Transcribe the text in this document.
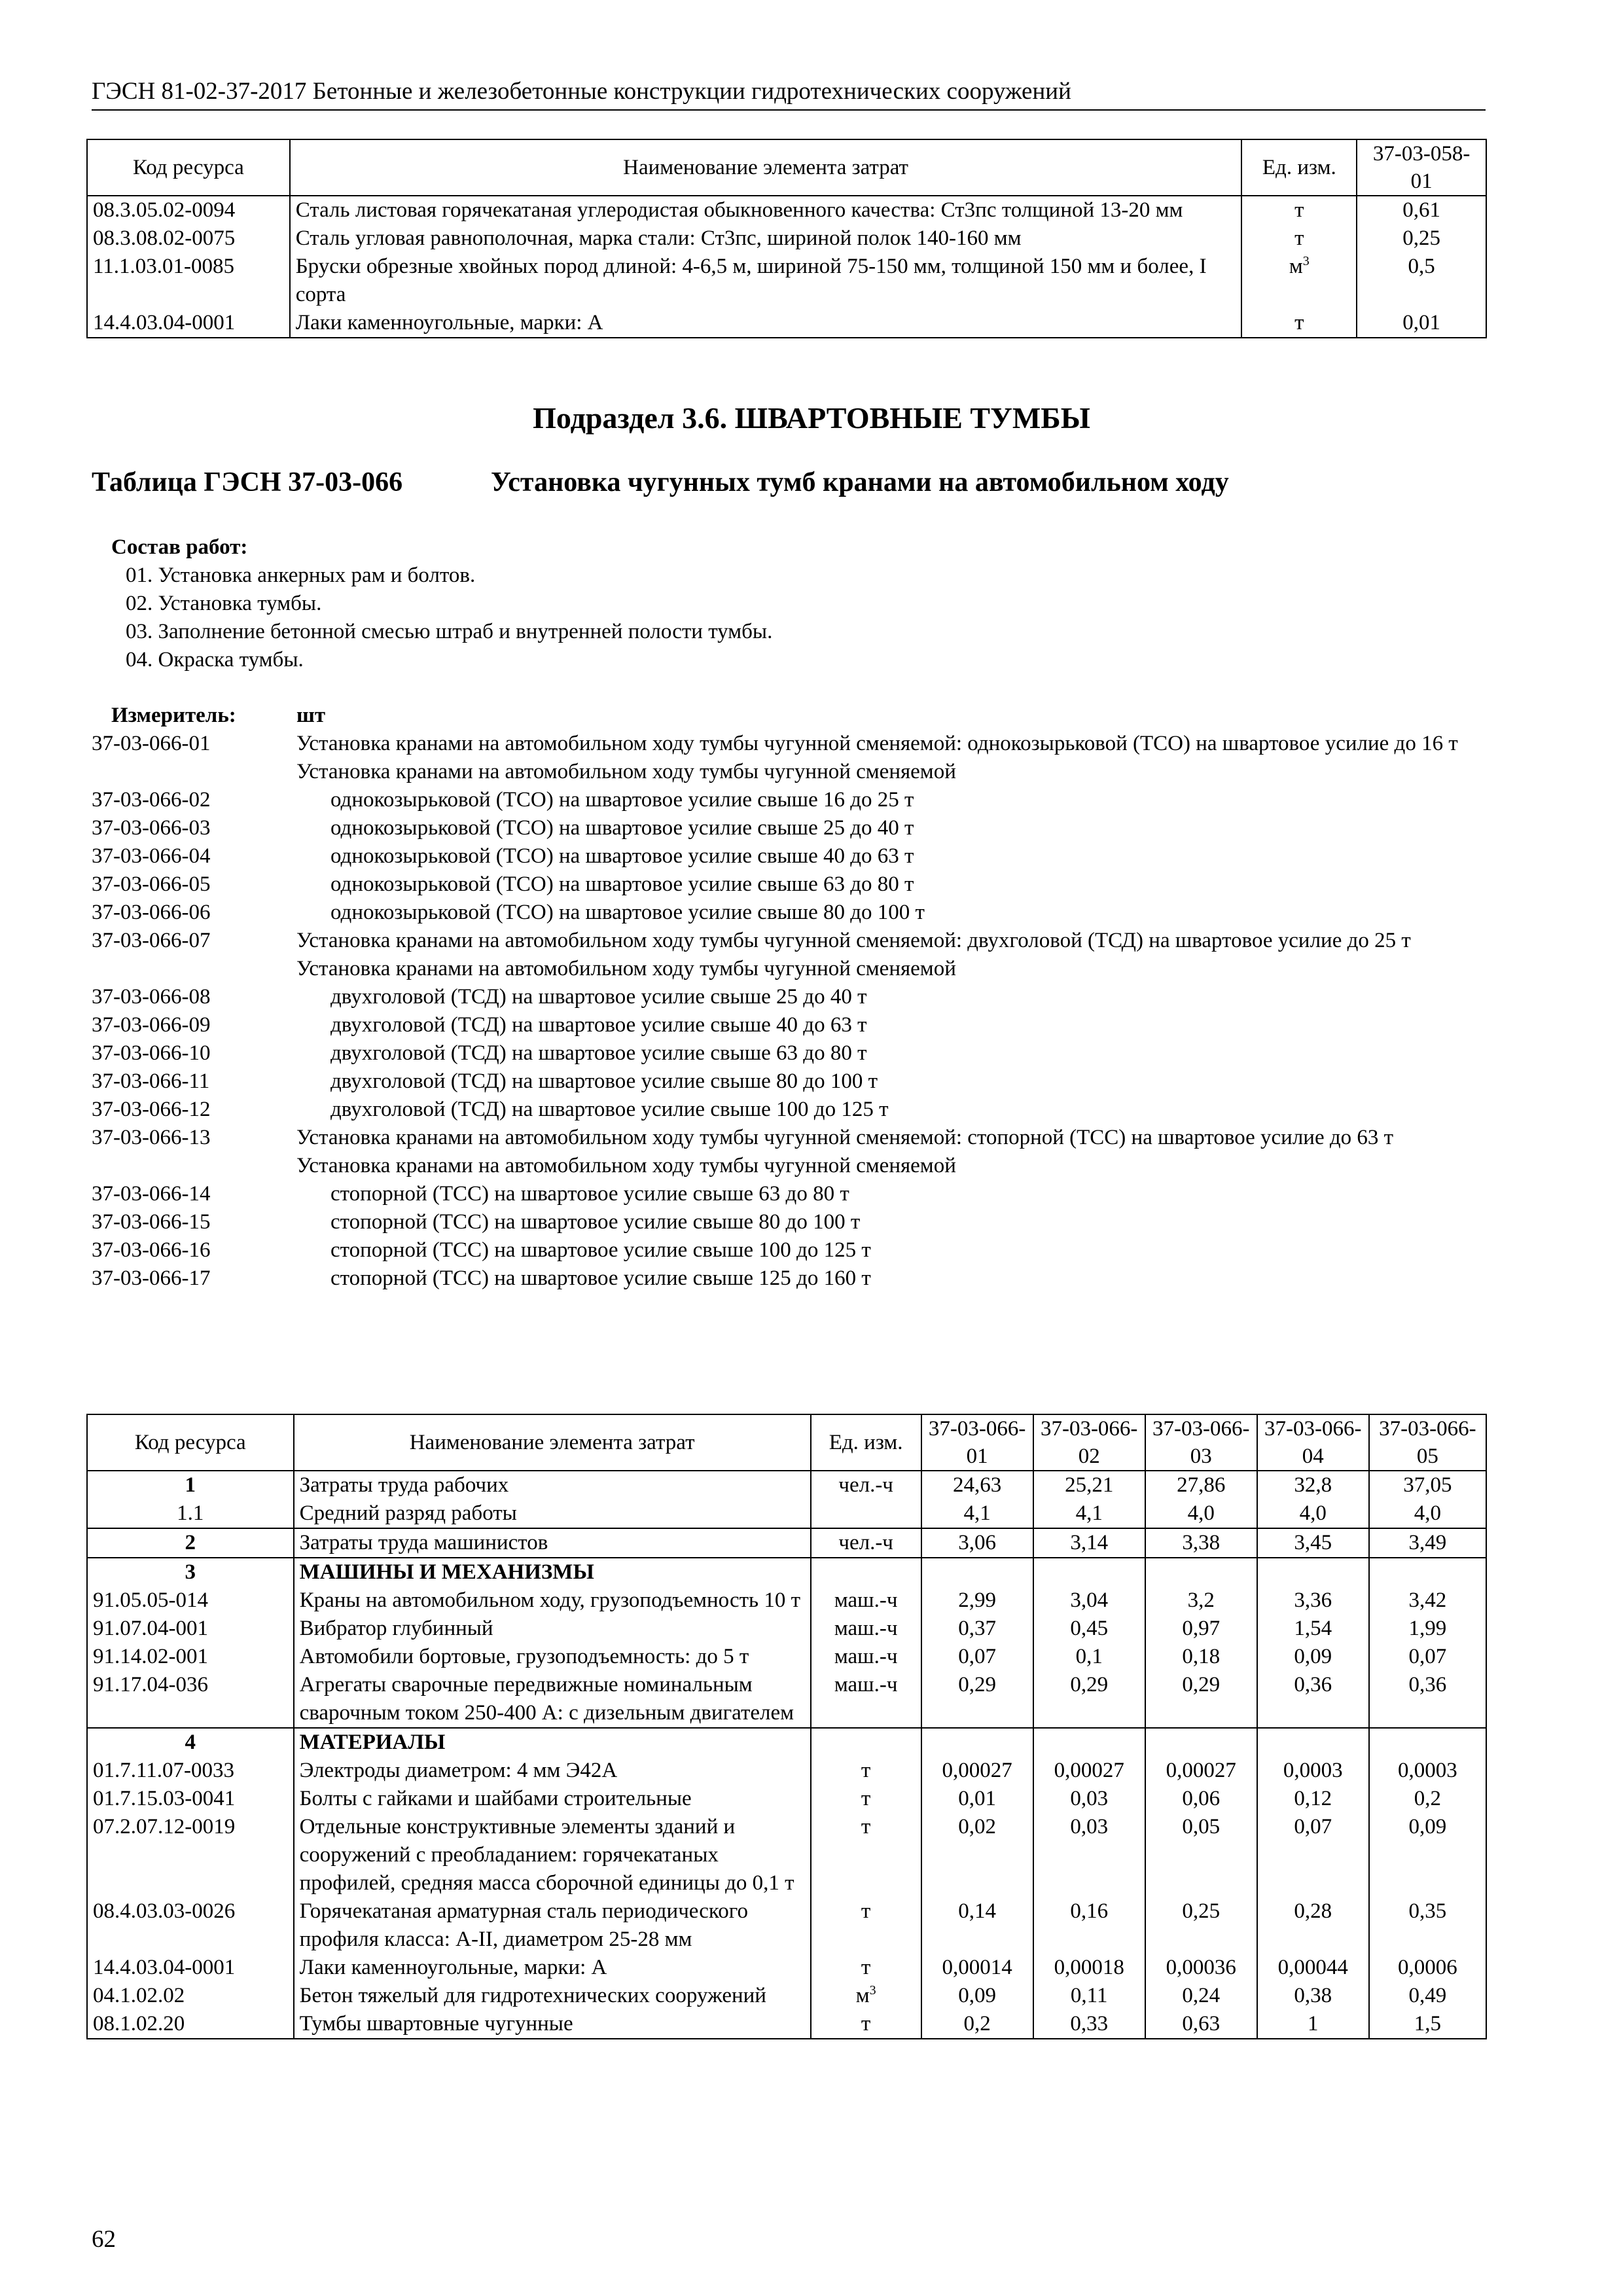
ГЭСН 81-02-37-2017 Бетонные и железобетонные конструкции гидротехнических сооружений
Код ресурса	Наименование элемента затрат	Ед. изм.	37-03-058-01
08.3.05.02-0094	Сталь листовая горячекатаная углеродистая обыкновенного качества: Ст3пс толщиной 13-20 мм	т	0,61
08.3.08.02-0075	Сталь угловая равнополочная, марка стали: Ст3пс, шириной полок 140-160 мм	т	0,25
11.1.03.01-0085	Бруски обрезные хвойных пород длиной: 4-6,5 м, шириной 75-150 мм, толщиной 150 мм и более, I сорта	$м^3$	0,5
14.4.03.04-0001	Лаки каменноугольные, марки: А	т	0,01
Подраздел 3.6. ШВАРТОВНЫЕ ТУМБЫ
Таблица ГЭСН 37-03-066	Установка чугунных тумб кранами на автомобильном ходу
Состав работ:
01. Установка анкерных рам и болтов.
02. Установка тумбы.
03. Заполнение бетонной смесью штраб и внутренней полости тумбы.
04. Окраска тумбы.
Измеритель:	шт
37-03-066-01	Установка кранами на автомобильном ходу тумбы чугунной сменяемой: однокозырьковой (ТСО) на швартовое усилие до 16 т
Установка кранами на автомобильном ходу тумбы чугунной сменяемой
37-03-066-02	однокозырьковой (ТСО) на швартовое усилие свыше 16 до 25 т
37-03-066-03	однокозырьковой (ТСО) на швартовое усилие свыше 25 до 40 т
37-03-066-04	однокозырьковой (ТСО) на швартовое усилие свыше 40 до 63 т
37-03-066-05	однокозырьковой (ТСО) на швартовое усилие свыше 63 до 80 т
37-03-066-06	однокозырьковой (ТСО) на швартовое усилие свыше 80 до 100 т
37-03-066-07	Установка кранами на автомобильном ходу тумбы чугунной сменяемой: двухголовой (ТСД) на швартовое усилие до 25 т
Установка кранами на автомобильном ходу тумбы чугунной сменяемой
37-03-066-08	двухголовой (ТСД) на швартовое усилие свыше 25 до 40 т
37-03-066-09	двухголовой (ТСД) на швартовое усилие свыше 40 до 63 т
37-03-066-10	двухголовой (ТСД) на швартовое усилие свыше 63 до 80 т
37-03-066-11	двухголовой (ТСД) на швартовое усилие свыше 80 до 100 т
37-03-066-12	двухголовой (ТСД) на швартовое усилие свыше 100 до 125 т
37-03-066-13	Установка кранами на автомобильном ходу тумбы чугунной сменяемой: стопорной (ТСС) на швартовое усилие до 63 т
Установка кранами на автомобильном ходу тумбы чугунной сменяемой
37-03-066-14	стопорной (ТСС) на швартовое усилие свыше 63 до 80 т
37-03-066-15	стопорной (ТСС) на швартовое усилие свыше 80 до 100 т
37-03-066-16	стопорной (ТСС) на швартовое усилие свыше 100 до 125 т
37-03-066-17	стопорной (ТСС) на швартовое усилие свыше 125 до 160 т
Код ресурса	Наименование элемента затрат	Ед. изм.	37-03-066-01	37-03-066-02	37-03-066-03	37-03-066-04	37-03-066-05
1	Затраты труда рабочих	чел.-ч	24,63	25,21	27,86	32,8	37,05
1.1	Средний разряд работы		4,1	4,1	4,0	4,0	4,0
2	Затраты труда машинистов	чел.-ч	3,06	3,14	3,38	3,45	3,49
3	МАШИНЫ И МЕХАНИЗМЫ						
91.05.05-014	Краны на автомобильном ходу, грузоподъемность 10 т	маш.-ч	2,99	3,04	3,2	3,36	3,42
91.07.04-001	Вибратор глубинный	маш.-ч	0,37	0,45	0,97	1,54	1,99
91.14.02-001	Автомобили бортовые, грузоподъемность: до 5 т	маш.-ч	0,07	0,1	0,18	0,09	0,07
91.17.04-036	Агрегаты сварочные передвижные номинальным сварочным током 250-400 А: с дизельным двигателем	маш.-ч	0,29	0,29	0,29	0,36	0,36
4	МАТЕРИАЛЫ						
01.7.11.07-0033	Электроды диаметром: 4 мм Э42А	т	0,00027	0,00027	0,00027	0,0003	0,0003
01.7.15.03-0041	Болты с гайками и шайбами строительные	т	0,01	0,03	0,06	0,12	0,2
07.2.07.12-0019	Отдельные конструктивные элементы зданий и сооружений с преобладанием: горячекатаных профилей, средняя масса сборочной единицы до 0,1 т	т	0,02	0,03	0,05	0,07	0,09
08.4.03.03-0026	Горячекатаная арматурная сталь периодического профиля класса: А-II, диаметром 25-28 мм	т	0,14	0,16	0,25	0,28	0,35
14.4.03.04-0001	Лаки каменноугольные, марки: А	т	0,00014	0,00018	0,00036	0,00044	0,0006
04.1.02.02	Бетон тяжелый для гидротехнических сооружений	$м^3$	0,09	0,11	0,24	0,38	0,49
08.1.02.20	Тумбы швартовные чугунные	т	0,2	0,33	0,63	1	1,5
62
